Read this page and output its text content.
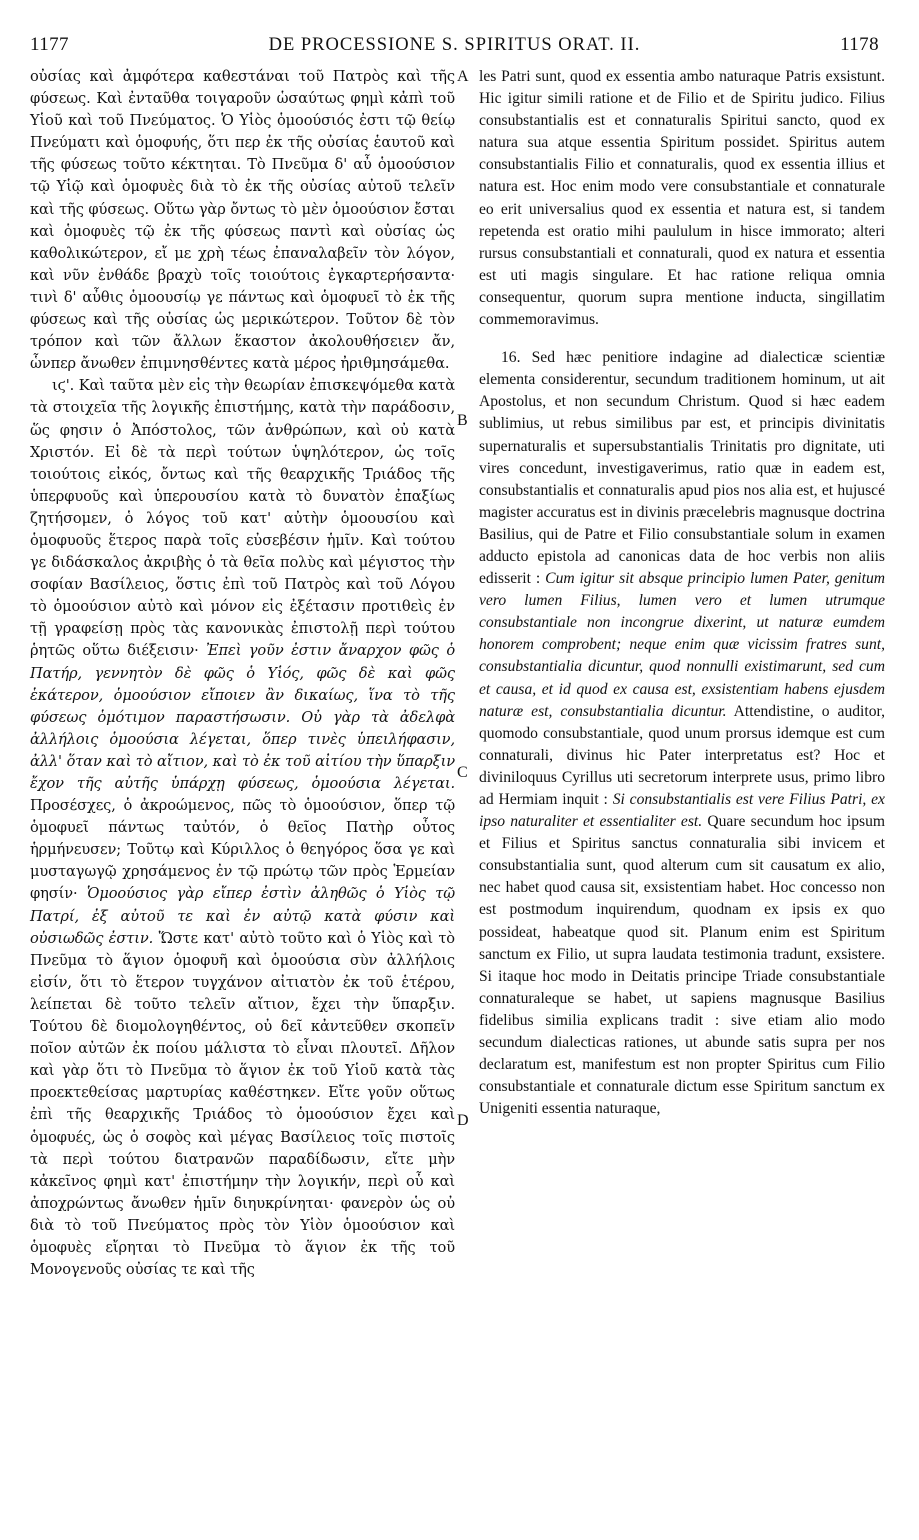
1177	DE PROCESSIONE S. SPIRITUS ORAT. II.	1178

οὐσίας καὶ ἀμφότερα καθεστάναι τοῦ Πατρὸς καὶ τῆς φύσεως. Καὶ ἐνταῦθα τοιγαροῦν ὡσαύτως φημὶ κἀπὶ τοῦ Υἱοῦ καὶ τοῦ Πνεύματος. Ὁ Υἱὸς ὁμοούσιός ἐστι τῷ θείῳ Πνεύματι καὶ ὁμοφυής, ὅτι περ ἐκ τῆς οὐσίας ἑαυτοῦ καὶ τῆς φύσεως τοῦτο κέκτηται. Τὸ Πνεῦμα δ' αὖ ὁμοούσιον τῷ Υἱῷ καὶ ὁμοφυὲς διὰ τὸ ἐκ τῆς οὐσίας αὐτοῦ τελεῖν καὶ τῆς φύσεως. Οὕτω γὰρ ὄντως τὸ μὲν ὁμοούσιον ἔσται καὶ ὁμοφυὲς τῷ ἐκ τῆς φύσεως παντὶ καὶ οὐσίας ὡς καθολικώτερον, εἴ με χρὴ τέως ἐπαναλαβεῖν τὸν λόγον, καὶ νῦν ἐνθάδε βραχὺ τοῖς τοιούτοις ἐγκαρτερήσαντα· τινὶ δ' αὖθις ὁμοουσίῳ γε πάντως καὶ ὁμοφυεῖ τὸ ἐκ τῆς φύσεως καὶ τῆς οὐσίας ὡς μερικώτερον. Τοῦτον δὲ τὸν τρόπον καὶ τῶν ἄλλων ἕκαστον ἀκολουθήσειεν ἄν, ὧνπερ ἄνωθεν ἐπιμνησθέντες κατὰ μέρος ἠριθμησάμεθα.

ιϛ'. Καὶ ταῦτα μὲν εἰς τὴν θεωρίαν ἐπισκεψόμεθα κατὰ τὰ στοιχεῖα τῆς λογικῆς ἐπιστήμης, κατὰ τὴν παράδοσιν, ὥς φησιν ὁ Ἀπόστολος, τῶν ἀνθρώπων, καὶ οὐ κατὰ Χριστόν. Εἰ δὲ τὰ περὶ τούτων ὑψηλότερον, ὡς τοῖς τοιούτοις εἰκός, ὄντως καὶ τῆς θεαρχικῆς Τριάδος τῆς ὑπερφυοῦς καὶ ὑπερουσίου κατὰ τὸ δυνατὸν ἐπαξίως ζητήσομεν, ὁ λόγος τοῦ κατ' αὐτὴν ὁμοουσίου καὶ ὁμοφυοῦς ἕτερος παρὰ τοῖς εὐσεβέσιν ἡμῖν. Καὶ τούτου γε διδάσκαλος ἀκριβὴς ὁ τὰ θεῖα πολὺς καὶ μέγιστος τὴν σοφίαν Βασίλειος, ὅστις ἐπὶ τοῦ Πατρὸς καὶ τοῦ Λόγου τὸ ὁμοούσιον αὐτὸ καὶ μόνον εἰς ἐξέτασιν προτιθεὶς ἐν τῇ γραφείσῃ πρὸς τὰς κανονικὰς ἐπιστολῇ περὶ τούτου ῥητῶς οὕτω διέξεισιν· Ἐπεὶ γοῦν ἐστιν ἄναρχον φῶς ὁ Πατήρ, γεννητὸν δὲ φῶς ὁ Υἱός, φῶς δὲ καὶ φῶς ἑκάτερον, ὁμοούσιον εἴποιεν ἂν δικαίως, ἵνα τὸ τῆς φύσεως ὁμότιμον παραστήσωσιν. Οὐ γὰρ τὰ ἀδελφὰ ἀλλήλοις ὁμοούσια λέγεται, ὅπερ τινὲς ὑπειλήφασιν, ἀλλ' ὅταν καὶ τὸ αἴτιον, καὶ τὸ ἐκ τοῦ αἰτίου τὴν ὕπαρξιν ἔχον τῆς αὐτῆς ὑπάρχῃ φύσεως, ὁμοούσια λέγεται. Προσέσχες, ὁ ἀκροώμενος, πῶς τὸ ὁμοούσιον, ὅπερ τῷ ὁμοφυεῖ πάντως ταὐτόν, ὁ θεῖος Πατὴρ οὗτος ἡρμήνευσεν; Τοῦτῳ καὶ Κύριλλος ὁ θεηγόρος ὅσα γε καὶ μυσταγωγῷ χρησάμενος ἐν τῷ πρώτῳ τῶν πρὸς Ἑρμείαν φησίν· Ὁμοούσιος γὰρ εἴπερ ἐστὶν ἀληθῶς ὁ Υἱὸς τῷ Πατρί, ἐξ αὐτοῦ τε καὶ ἐν αὐτῷ κατὰ φύσιν καὶ οὐσιωδῶς ἐστιν. Ὥστε κατ' αὐτὸ τοῦτο καὶ ὁ Υἱὸς καὶ τὸ Πνεῦμα τὸ ἅγιον ὁμοφυῆ καὶ ὁμοούσια σὺν ἀλλήλοις εἰσίν, ὅτι τὸ ἕτερον τυγχάνον αἰτιατὸν ἐκ τοῦ ἑτέρου, λείπεται δὲ τοῦτο τελεῖν αἴτιον, ἔχει τὴν ὕπαρξιν. Τούτου δὲ διομολογηθέντος, οὐ δεῖ κἀντεῦθεν σκοπεῖν ποῖον αὐτῶν ἐκ ποίου μάλιστα τὸ εἶναι πλουτεῖ. Δῆλον καὶ γὰρ ὅτι τὸ Πνεῦμα τὸ ἅγιον ἐκ τοῦ Υἱοῦ κατὰ τὰς προεκτεθείσας μαρτυρίας καθέστηκεν. Εἴτε γοῦν οὕτως ἐπὶ τῆς θεαρχικῆς Τριάδος τὸ ὁμοούσιον ἔχει καὶ ὁμοφυές, ὡς ὁ σοφὸς καὶ μέγας Βασίλειος τοῖς πιστοῖς τὰ περὶ τούτου διατρανῶν παραδίδωσιν, εἴτε μὴν κἀκεῖνος φημὶ κατ' ἐπιστήμην τὴν λογικήν, περὶ οὗ καὶ ἀποχρώντως ἄνωθεν ἡμῖν διηυκρίνηται· φανερὸν ὡς οὐ διὰ τὸ τοῦ Πνεύματος πρὸς τὸν Υἱὸν ὁμοούσιον καὶ ὁμοφυὲς εἴρηται τὸ Πνεῦμα τὸ ἅγιον ἐκ τῆς τοῦ Μονογενοῦς οὐσίας τε καὶ τῆς

A
B
C
D

les Patri sunt, quod ex essentia ambo naturaque Patris exsistunt. Hic igitur simili ratione et de Filio et de Spiritu judico. Filius consubstantialis est et connaturalis Spiritui sancto, quod ex natura sua atque essentia Spiritum possidet. Spiritus autem consubstantialis Filio et connaturalis, quod ex essentia illius et natura est. Hoc enim modo vere consubstantiale et connaturale eo erit universalius quod ex essentia et natura est, si tandem repetenda est oratio mihi paululum in hisce immorato; alteri rursus consubstantiali et connaturali, quod ex natura et essentia est uti magis singulare. Et hac ratione reliqua omnia consequentur, quorum supra mentione inducta, singillatim commemoravimus.

16. Sed hæc penitiore indagine ad dialecticæ scientiæ elementa considerentur, secundum traditionem hominum, ut ait Apostolus, et non secundum Christum. Quod si hæc eadem sublimius, ut rebus similibus par est, et principis divinitatis supernaturalis et supersubstantialis Trinitatis pro dignitate, uti vires concedunt, investigaverimus, ratio quæ in eadem est, consubstantialis et connaturalis apud pios nos alia est, et hujuscé magister accuratus est in divinis præcelebris magnusque doctrina Basilius, qui de Patre et Filio consubstantiale solum in examen adducto epistola ad canonicas data de hoc verbis non aliis edisserit : Cum igitur sit absque principio lumen Pater, genitum vero lumen Filius, lumen vero et lumen utrumque consubstantiale non incongrue dixerint, ut naturæ eumdem honorem comprobent; neque enim quæ vicissim fratres sunt, consubstantialia dicuntur, quod nonnulli existimarunt, sed cum et causa, et id quod ex causa est, exsistentiam habens ejusdem naturæ est, consubstantialia dicuntur. Attendistine, o auditor, quomodo consubstantiale, quod unum prorsus idemque est cum connaturali, divinus hic Pater interpretatus est? Hoc et diviniloquus Cyrillus uti secretorum interprete usus, primo libro ad Hermiam inquit : Si consubstantialis est vere Filius Patri, ex ipso naturaliter et essentialiter est. Quare secundum hoc ipsum et Filius et Spiritus sanctus connaturalia sibi invicem et consubstantialia sunt, quod alterum cum sit causatum ex alio, nec habet quod causa sit, exsistentiam habet. Hoc concesso non est postmodum inquirendum, quodnam ex ipsis ex quo possideat, habeatque quod sit. Planum enim est Spiritum sanctum ex Filio, ut supra laudata testimonia tradunt, exsistere. Si itaque hoc modo in Deitatis principe Triade consubstantiale connaturaleque se habet, ut sapiens magnusque Basilius fidelibus similia explicans tradit : sive etiam alio modo secundum dialecticas rationes, ut abunde satis supra per nos declaratum est, manifestum est non propter Spiritus cum Filio consubstantiale et connaturale dictum esse Spiritum sanctum ex Unigeniti essentia naturaque,
